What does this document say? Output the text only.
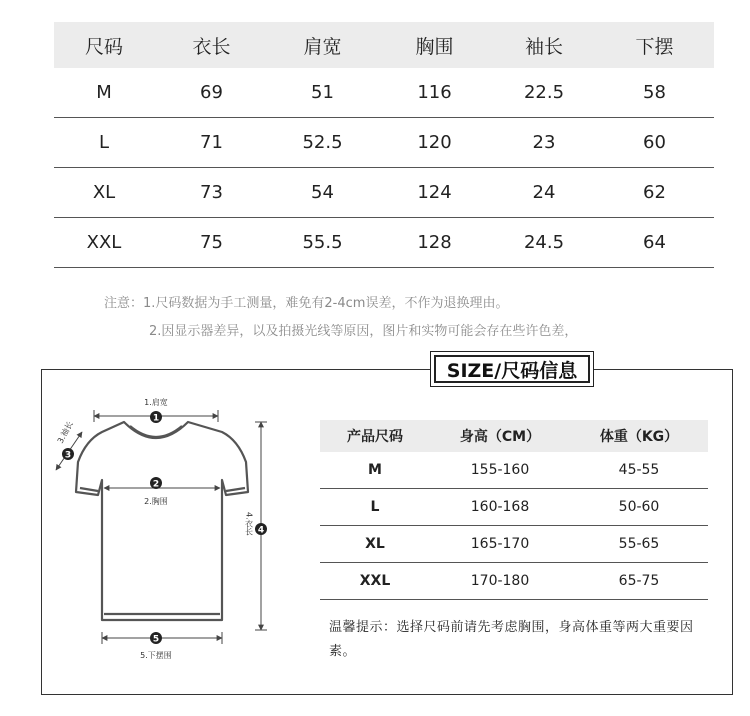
尺码	衣长	肩宽	胸围	袖长	下摆
M	69	51	116	22.5	58
L	71	52.5	120	23	60
XL	73	54	124	24	62
XXL	75	55.5	128	24.5	64
注意：1.尺码数据为手工测量，难免有2-4cm误差，不作为退换理由。
2.因显示器差异，以及拍摄光线等原因，图片和实物可能会存在些许色差，
SIZE/尺码信息
1.肩宽
1
3.袖长
3
2
2.胸围
4.衣长 4
5
5.下摆围
产品尺码	身高（CM）	体重（KG）
M	155-160	45-55
L	160-168	50-60
XL	165-170	55-65
XXL	170-180	65-75
温馨提示：选择尺码前请先考虑胸围，身高体重等两大重要因素。
